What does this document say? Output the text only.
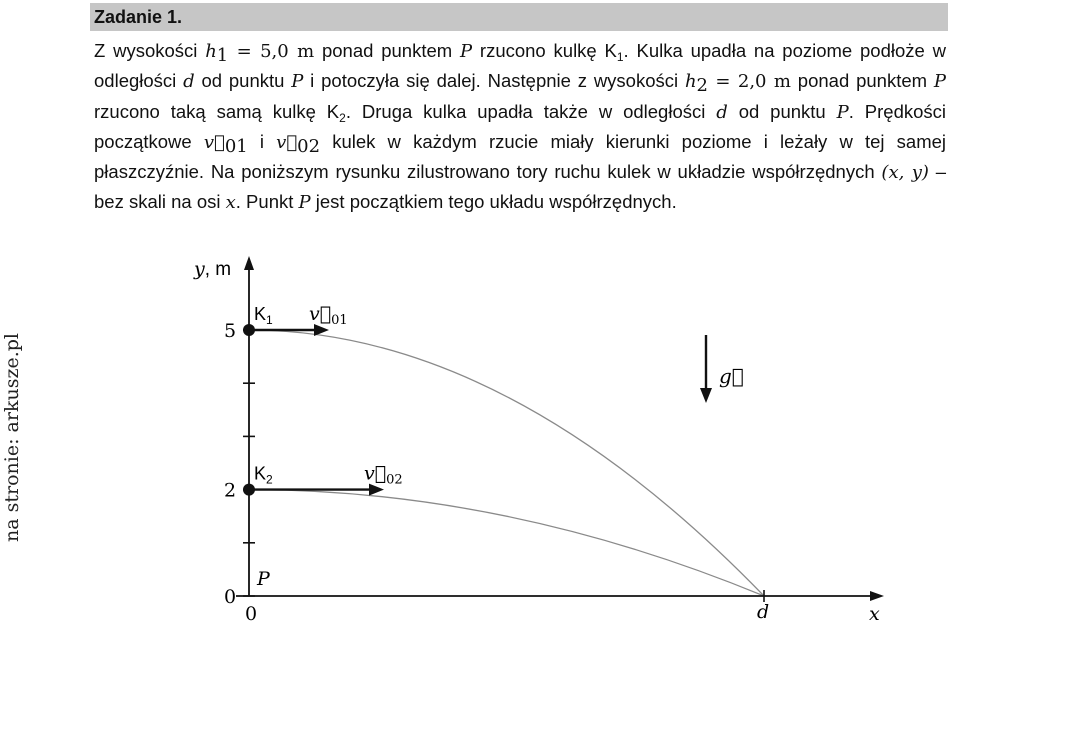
Zadanie 1.
Z wysokości $h_1 = 5,0$ m ponad punktem P rzucono kulkę $K_1$. Kulka upadła na poziome podłoże w odległości d od punktu P i potoczyła się dalej. Następnie z wysokości $h_2 = 2,0$ m ponad punktem P rzucono taką samą kulkę $K_2$. Druga kulka upadła także w odległości d od punktu P. Prędkości początkowe $v⃗_{01}$ i $v⃗_{02}$ kulek w każdym rzucie miały kierunki poziome i leżały w tej samej płaszczyźnie. Na poniższym rysunku zilustrowano tory ruchu kulek w układzie współrzędnych (x, y) – bez skali na osi x. Punkt P jest początkiem tego układu współrzędnych.
na stronie: arkusze.pl
0
2
5
y, m
x
0
P
d
$K_1$ $v⃗_{01}$
$K_2$	$v⃗_{02}$
g⃗
